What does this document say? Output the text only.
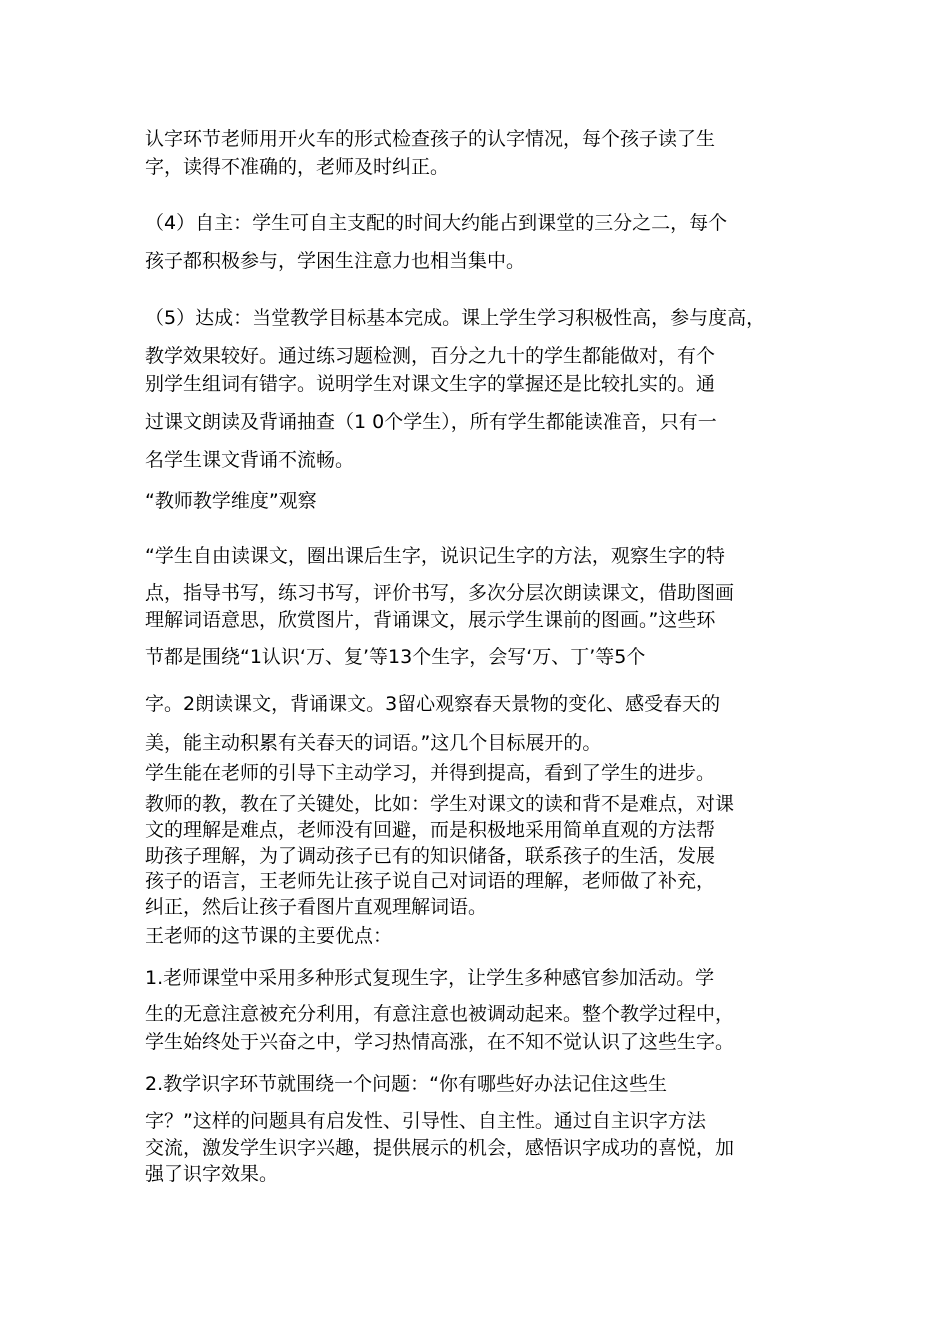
认字环节老师用开火车的形式检查孩子的认字情况，每个孩子读了生
字，读得不准确的，老师及时纠正。
（4）自主：学生可自主支配的时间大约能占到课堂的三分之二，每个
孩子都积极参与，学困生注意力也相当集中。
（5）达成：当堂教学目标基本完成。课上学生学习积极性高，参与度高，
教学效果较好。通过练习题检测，百分之九十的学生都能做对，有个
别学生组词有错字。说明学生对课文生字的掌握还是比较扎实的。通
过课文朗读及背诵抽查（1 0个学生），所有学生都能读准音，只有一
名学生课文背诵不流畅。
“教师教学维度”观察
“学生自由读课文，圈出课后生字，说识记生字的方法，观察生字的特
点，指导书写，练习书写，评价书写，多次分层次朗读课文，借助图画
理解词语意思，欣赏图片，背诵课文，展示学生课前的图画。”这些环
节都是围绕“1认识‘万、复’等13个生字，会写‘万、丁’等5个
字。2朗读课文，背诵课文。3留心观察春天景物的变化、感受春天的
美，能主动积累有关春天的词语。”这几个目标展开的。
学生能在老师的引导下主动学习，并得到提高，看到了学生的进步。
教师的教，教在了关键处，比如：学生对课文的读和背不是难点，对课
文的理解是难点，老师没有回避，而是积极地采用简单直观的方法帮
助孩子理解，为了调动孩子已有的知识储备，联系孩子的生活，发展
孩子的语言，王老师先让孩子说自己对词语的理解，老师做了补充，
纠正，然后让孩子看图片直观理解词语。
王老师的这节课的主要优点：
1.老师课堂中采用多种形式复现生字，让学生多种感官参加活动。学
生的无意注意被充分利用，有意注意也被调动起来。整个教学过程中，
学生始终处于兴奋之中，学习热情高涨，在不知不觉认识了这些生字。
2.教学识字环节就围绕一个问题：“你有哪些好办法记住这些生
字？”这样的问题具有启发性、引导性、自主性。通过自主识字方法
交流，激发学生识字兴趣，提供展示的机会，感悟识字成功的喜悦，加
强了识字效果。
